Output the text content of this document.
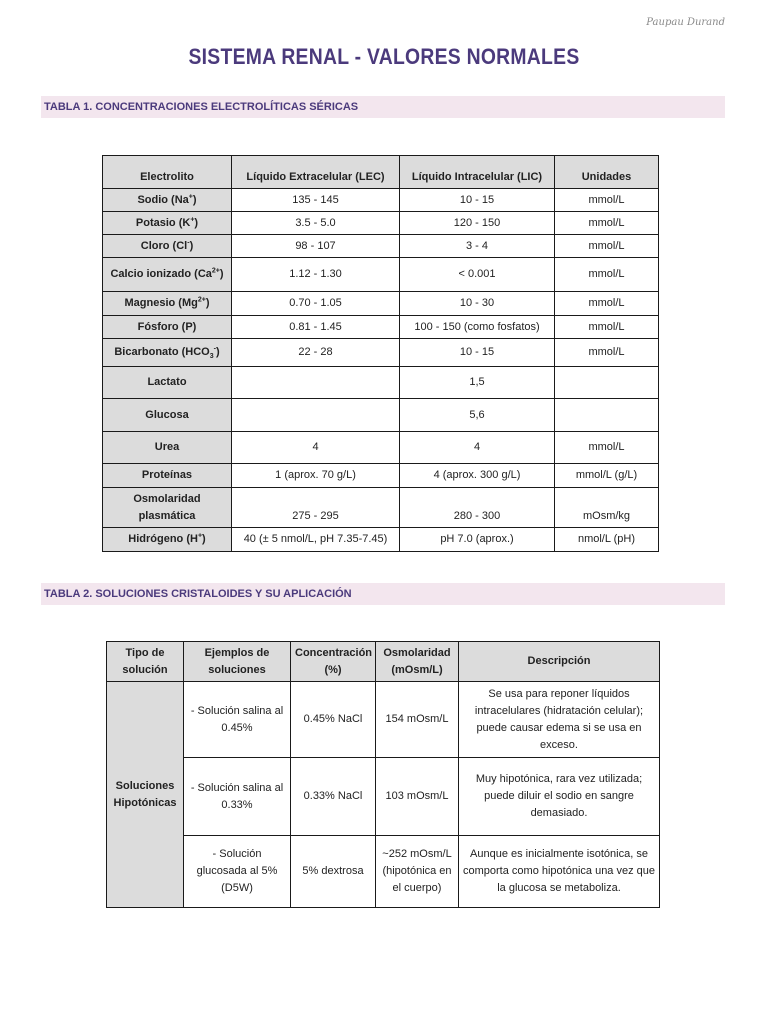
Paupau Durand
SISTEMA RENAL - VALORES NORMALES
TABLA 1. CONCENTRACIONES ELECTROLÍTICAS SÉRICAS
Electrolito	Líquido Extracelular (LEC)	Líquido Intracelular (LIC)	Unidades
Sodio (Na+)	135 - 145	10 - 15	mmol/L
Potasio (K+)	3.5 - 5.0	120 - 150	mmol/L
Cloro (Cl-)	98 - 107	3 - 4	mmol/L
Calcio ionizado $(Ca^{2+})$	1.12 - 1.30	< 0.001	mmol/L
Magnesio $(Mg^{2+})$	0.70 - 1.05	10 - 30	mmol/L
Fósforo (P)	0.81 - 1.45	100 - 150 (como fosfatos)	mmol/L
Bicarbonato $(HCO_3^-)$	22 - 28	10 - 15	mmol/L
Lactato		1,5	
Glucosa		5,6	
Urea	4	4	mmol/L
Proteínas	1 (aprox. 70 g/L)	4 (aprox. 300 g/L)	mmol/L (g/L)
Osmolaridad plasmática	275 - 295	280 - 300	mOsm/kg
Hidrógeno (H+)	40 (± 5 nmol/L, pH 7.35-7.45)	pH 7.0 (aprox.)	nmol/L (pH)
TABLA 2. SOLUCIONES CRISTALOIDES Y SU APLICACIÓN
Tipo de solución	Ejemplos de soluciones	Concentración (%)	Osmolaridad (mOsm/L)	Descripción
Soluciones Hipotónicas	- Solución salina al 0.45%	0.45% NaCl	154 mOsm/L	Se usa para reponer líquidos intracelulares (hidratación celular); puede causar edema si se usa en exceso.
	- Solución salina al 0.33%	0.33% NaCl	103 mOsm/L	Muy hipotónica, rara vez utilizada; puede diluir el sodio en sangre demasiado.
	- Solución glucosada al 5% (D5W)	5% dextrosa	~252 mOsm/L (hipotónica en el cuerpo)	Aunque es inicialmente isotónica, se comporta como hipotónica una vez que la glucosa se metaboliza.
